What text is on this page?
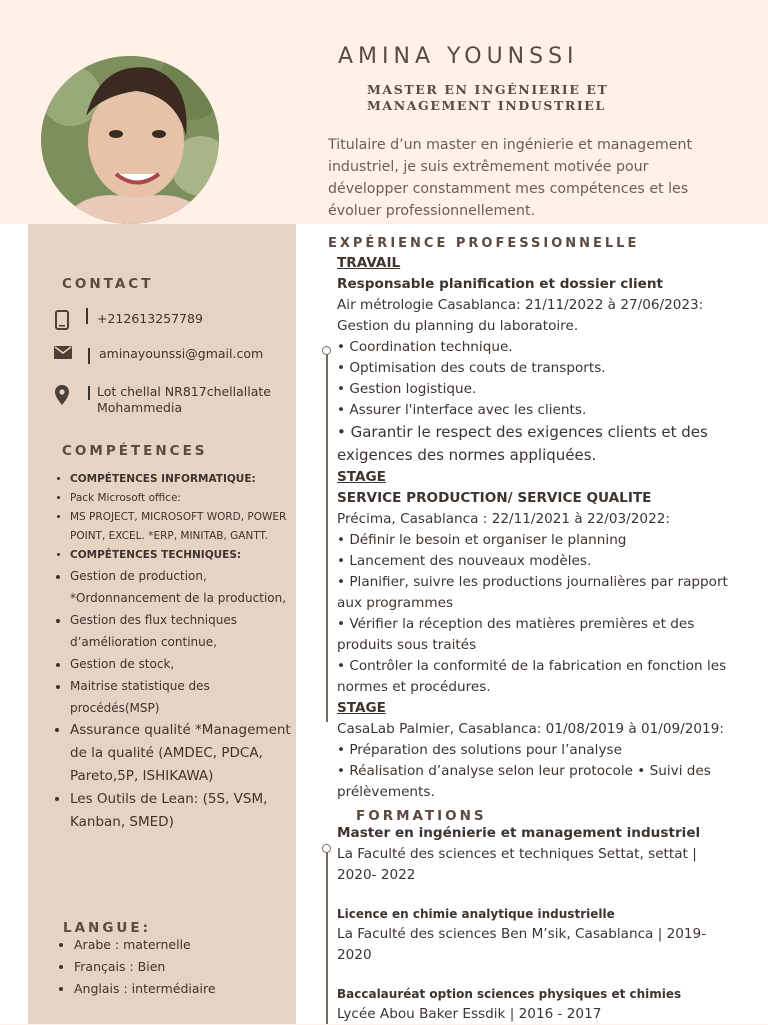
AMINA YOUNSSI
MASTER EN INGÉNIERIE ET
MANAGEMENT INDUSTRIEL
Titulaire d’un master en ingénierie et management industriel, je suis extrêmement motivée pour développer constamment mes compétences et les évoluer professionnellement.
CONTACT
+212613257789
aminayounssi@gmail.com
Lot chellal NR817chellallate
Mohammedia
COMPÉTENCES
• COMPÉTENCES INFORMATIQUE:
• Pack Microsoft office:
• MS PROJECT, MICROSOFT WORD, POWER POINT, EXCEL. *ERP, MINITAB, GANTT.
• COMPÉTENCES TECHNIQUES:
• Gestion de production, *Ordonnancement de la production,
• Gestion des flux techniques d’amélioration continue,
• Gestion de stock,
• Maitrise statistique des procédés(MSP)
• Assurance qualité *Management de la qualité (AMDEC, PDCA, Pareto,5P, ISHIKAWA)
• Les Outils de Lean: (5S, VSM, Kanban, SMED)
LANGUE:
• Arabe : maternelle
• Français : Bien
• Anglais : intermédiaire
EXPÉRIENCE PROFESSIONNELLE
TRAVAIL
Responsable planification et dossier client
Air métrologie Casablanca: 21/11/2022 à 27/06/2023:
Gestion du planning du laboratoire.
• Coordination technique.
• Optimisation des couts de transports.
• Gestion logistique.
• Assurer l'interface avec les clients.
• Garantir le respect des exigences clients et des exigences des normes appliquées.
STAGE
SERVICE PRODUCTION/ SERVICE QUALITE
Précima, Casablanca : 22/11/2021 à 22/03/2022:
• Définir le besoin et organiser le planning
• Lancement des nouveaux modèles.
• Planifier, suivre les productions journalières par rapport aux programmes
• Vérifier la réception des matières premières et des produits sous traités
• Contrôler la conformité de la fabrication en fonction les normes et procédures.
STAGE
CasaLab Palmier, Casablanca: 01/08/2019 à 01/09/2019:
• Préparation des solutions pour l’analyse
• Réalisation d’analyse selon leur protocole • Suivi des prélèvements.
FORMATIONS
Master en ingénierie et management industriel
La Faculté des sciences et techniques Settat, settat | 2020- 2022
Licence en chimie analytique industrielle
La Faculté des sciences Ben M’sik, Casablanca | 2019-2020
Baccalauréat option sciences physiques et chimies
Lycée Abou Baker Essdik | 2016 - 2017
